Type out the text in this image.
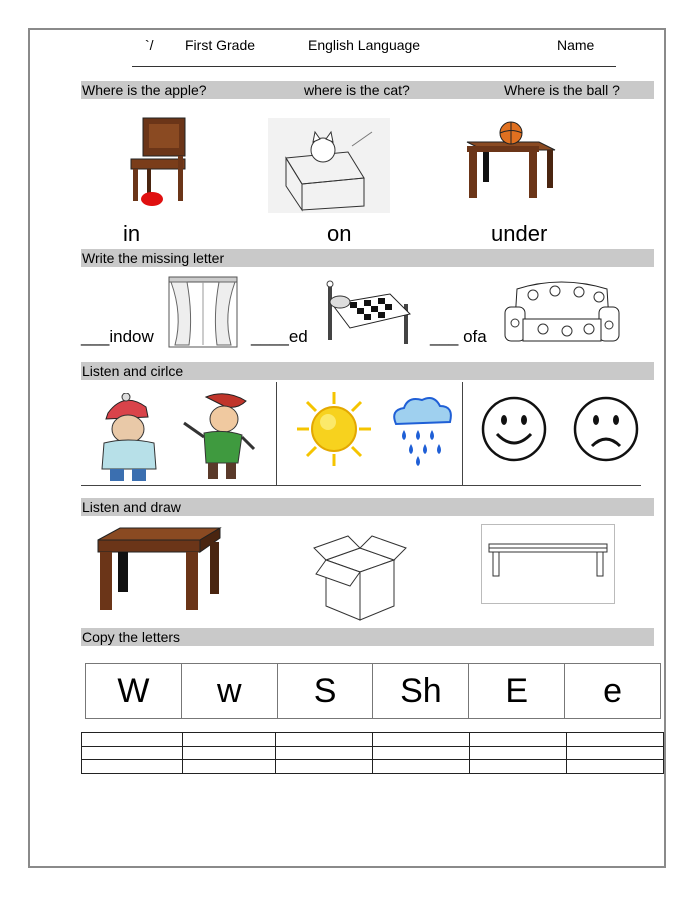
`/ First Grade	English Language	Name
Where is the apple?	where is the cat?	Where is the ball ?
in	on	under
Write the missing letter
___indow	____ed	___ ofa
Listen and cirlce
Listen and draw
Copy the letters
W	w	S	Sh	E	e
